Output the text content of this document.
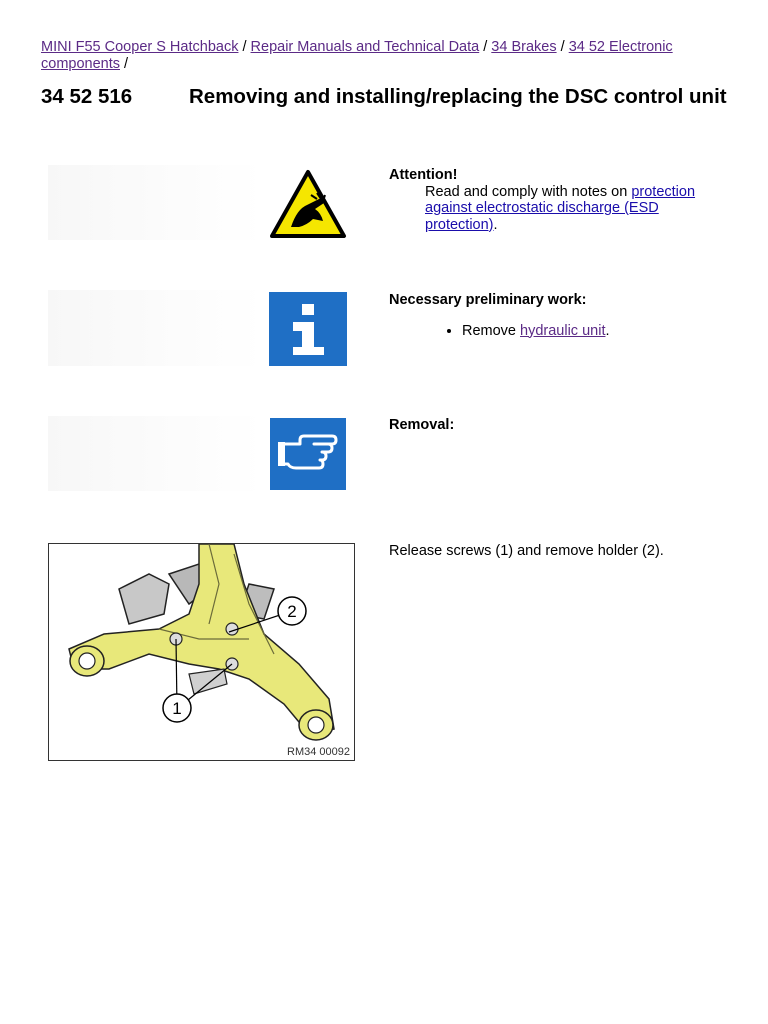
MINI F55 Cooper S Hatchback / Repair Manuals and Technical Data / 34 Brakes / 34 52 Electronic components /
34 52 516	Removing and installing/replacing the DSC control unit
Attention!
Read and comply with notes on protection against electrostatic discharge (ESD protection).
Necessary preliminary work:
• Remove hydraulic unit.
Removal:
1
2
RM34 00092
Release screws (1) and remove holder (2).
